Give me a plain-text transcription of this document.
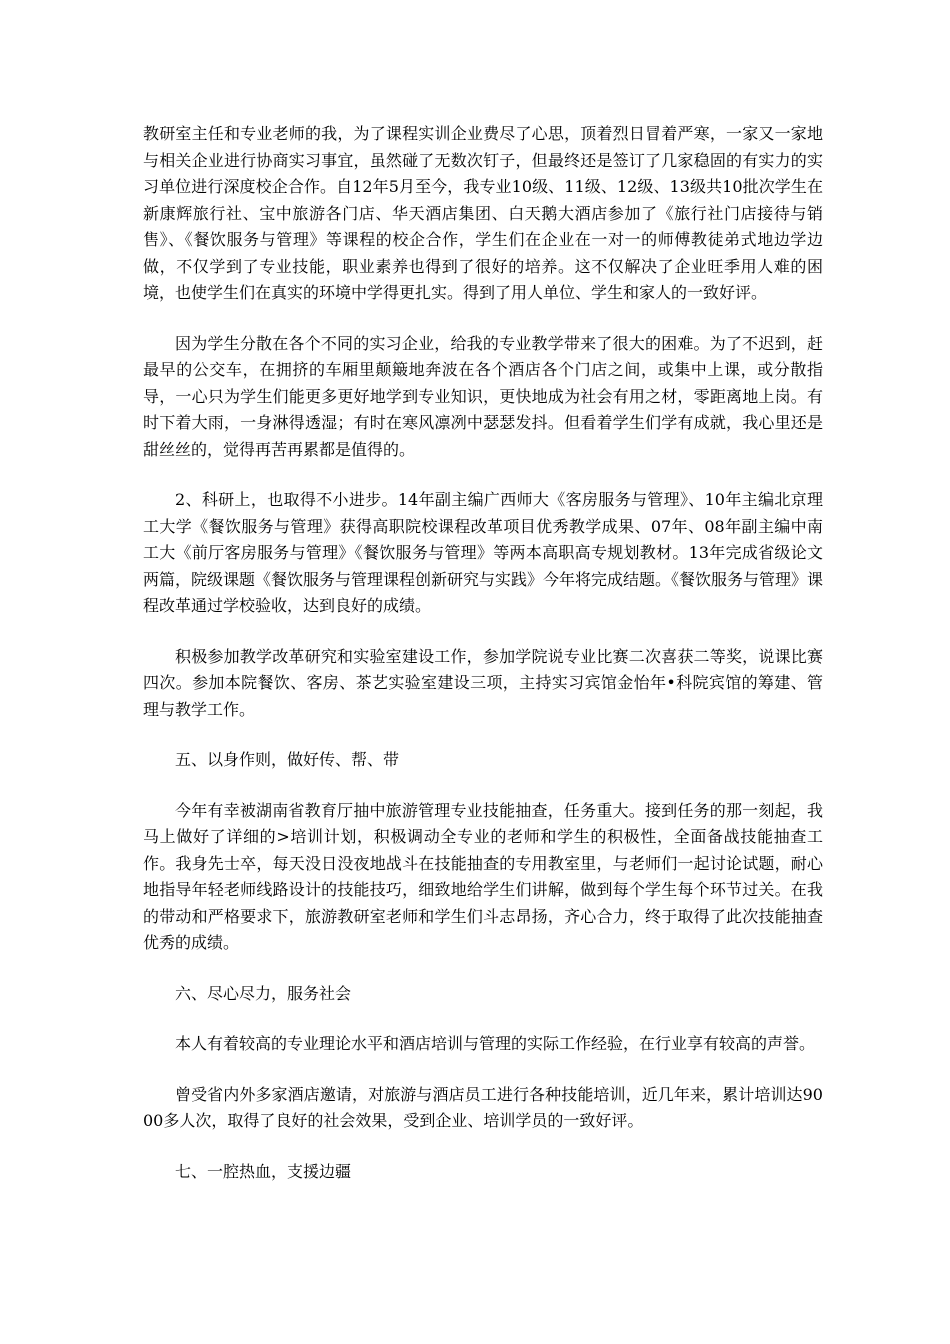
教研室主任和专业老师的我，为了课程实训企业费尽了心思，顶着烈日冒着严寒，一家又一家地与相关企业进行协商实习事宜，虽然碰了无数次钉子，但最终还是签订了几家稳固的有实力的实习单位进行深度校企合作。自12年5月至今，我专业10级、11级、12级、13级共10批次学生在新康辉旅行社、宝中旅游各门店、华天酒店集团、白天鹅大酒店参加了《旅行社门店接待与销售》、《餐饮服务与管理》等课程的校企合作，学生们在企业在一对一的师傅教徒弟式地边学边做，不仅学到了专业技能，职业素养也得到了很好的培养。这不仅解决了企业旺季用人难的困境，也使学生们在真实的环境中学得更扎实。得到了用人单位、学生和家人的一致好评。

因为学生分散在各个不同的实习企业，给我的专业教学带来了很大的困难。为了不迟到，赶最早的公交车，在拥挤的车厢里颠簸地奔波在各个酒店各个门店之间，或集中上课，或分散指导，一心只为学生们能更多更好地学到专业知识，更快地成为社会有用之材，零距离地上岗。有时下着大雨，一身淋得透湿；有时在寒风凛冽中瑟瑟发抖。但看着学生们学有成就，我心里还是甜丝丝的，觉得再苦再累都是值得的。

2、科研上，也取得不小进步。14年副主编广西师大《客房服务与管理》、10年主编北京理工大学《餐饮服务与管理》获得高职院校课程改革项目优秀教学成果、07年、08年副主编中南工大《前厅客房服务与管理》《餐饮服务与管理》等两本高职高专规划教材。13年完成省级论文两篇，院级课题《餐饮服务与管理课程创新研究与实践》今年将完成结题。《餐饮服务与管理》课程改革通过学校验收，达到良好的成绩。

积极参加教学改革研究和实验室建设工作，参加学院说专业比赛二次喜获二等奖，说课比赛四次。参加本院餐饮、客房、茶艺实验室建设三项，主持实习宾馆金怡年•科院宾馆的筹建、管理与教学工作。

五、以身作则，做好传、帮、带

今年有幸被湖南省教育厅抽中旅游管理专业技能抽查，任务重大。接到任务的那一刻起，我马上做好了详细的>培训计划，积极调动全专业的老师和学生的积极性，全面备战技能抽查工作。我身先士卒，每天没日没夜地战斗在技能抽查的专用教室里，与老师们一起讨论试题，耐心地指导年轻老师线路设计的技能技巧，细致地给学生们讲解，做到每个学生每个环节过关。在我的带动和严格要求下，旅游教研室老师和学生们斗志昂扬，齐心合力，终于取得了此次技能抽查优秀的成绩。

六、尽心尽力，服务社会

本人有着较高的专业理论水平和酒店培训与管理的实际工作经验，在行业享有较高的声誉。

曾受省内外多家酒店邀请，对旅游与酒店员工进行各种技能培训，近几年来，累计培训达9000多人次，取得了良好的社会效果，受到企业、培训学员的一致好评。

七、一腔热血，支援边疆
